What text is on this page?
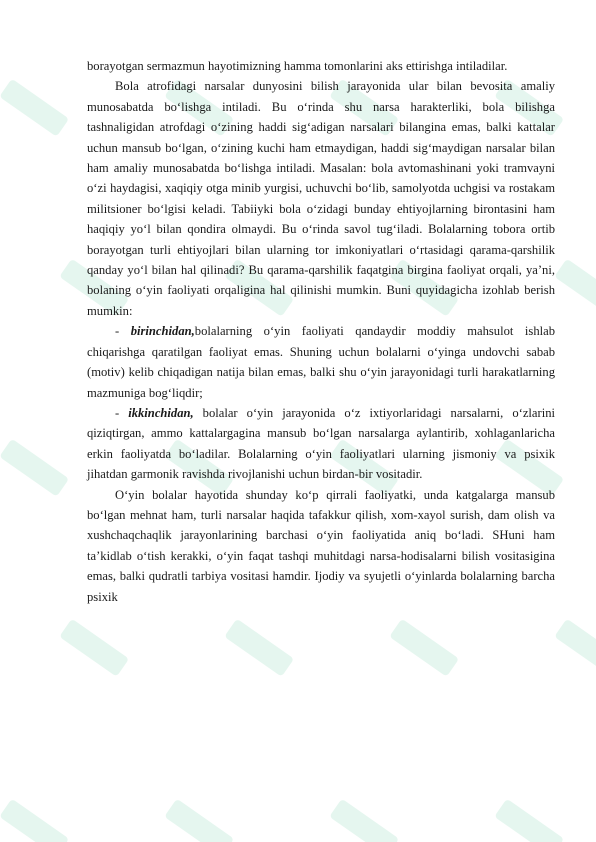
borayotgan sermazmun hayotimizning hamma tomonlarini aks ettirishga intiladilar.

Bola atrofidagi narsalar dunyosini bilish jarayonida ular bilan bevosita amaliy munosabatda bo‘lishga intiladi. Bu o‘rinda shu narsa harakterliki, bola bilishga tashnaligidan atrofdagi o‘zining haddi sig‘adigan narsalari bilangina emas, balki kattalar uchun mansub bo‘lgan, o‘zining kuchi ham etmaydigan, haddi sig‘maydigan narsalar bilan ham amaliy munosabatda bo‘lishga intiladi. Masalan: bola avtomashinani yoki tramvayni o‘zi haydagisi, xaqiqiy otga minib yurgisi, uchuvchi bo‘lib, samolyotda uchgisi va rostakam militsioner bo‘lgisi keladi. Tabiiyki bola o‘zidagi bunday ehtiyojlarning birontasini ham haqiqiy yo‘l bilan qondira olmaydi. Bu o‘rinda savol tug‘iladi. Bolalarning tobora ortib borayotgan turli ehtiyojlari bilan ularning tor imkoniyatlari o‘rtasidagi qarama-qarshilik qanday yo‘l bilan hal qilinadi? Bu qarama-qarshilik faqatgina birgina faoliyat orqali, ya’ni, bolaning o‘yin faoliyati orqaligina hal qilinishi mumkin. Buni quyidagicha izohlab berish mumkin:

- birinchidan,bolalarning o‘yin faoliyati qandaydir moddiy mahsulot ishlab chiqarishga qaratilgan faoliyat emas. Shuning uchun bolalarni o‘yinga undovchi sabab (motiv) kelib chiqadigan natija bilan emas, balki shu o‘yin jarayonidagi turli harakatlarning mazmuniga bog‘liqdir;

- ikkinchidan, bolalar o‘yin jarayonida o‘z ixtiyorlaridagi narsalarni, o‘zlarini qiziqtirgan, ammo kattalargagina mansub bo‘lgan narsalarga aylantirib, xohlaganlaricha erkin faoliyatda bo‘ladilar. Bolalarning o‘yin faoliyatlari ularning jismoniy va psixik jihatdan garmonik ravishda rivojlanishi uchun birdan-bir vositadir.

O‘yin bolalar hayotida shunday ko‘p qirrali faoliyatki, unda katgalarga mansub bo‘lgan mehnat ham, turli narsalar haqida tafakkur qilish, xom-xayol surish, dam olish va xushchaqchaqlik jarayonlarining barchasi o‘yin faoliyatida aniq bo‘ladi. SHuni ham ta’kidlab o‘tish kerakki, o‘yin faqat tashqi muhitdagi narsa-hodisalarni bilish vositasigina emas, balki qudratli tarbiya vositasi hamdir. Ijodiy va syujetli o‘yinlarda bolalarning barcha psixik
